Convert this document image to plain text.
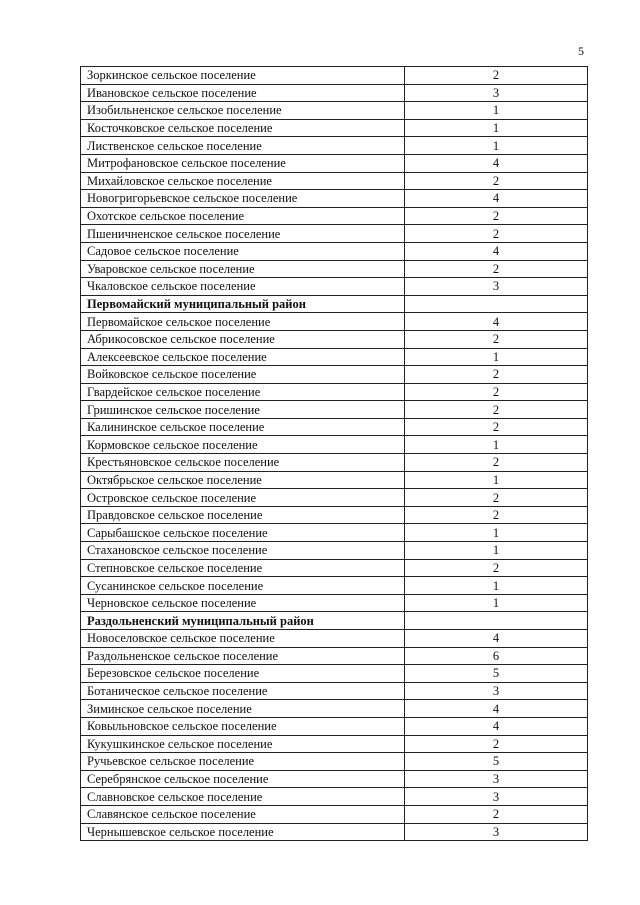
5
Зоркинское сельское поселение	2
Ивановское сельское поселение	3
Изобильненское сельское поселение	1
Косточковское сельское поселение	1
Лиственское сельское поселение	1
Митрофановское сельское поселение	4
Михайловское сельское поселение	2
Новогригорьевское сельское поселение	4
Охотское сельское поселение	2
Пшеничненское сельское поселение	2
Садовое сельское поселение	4
Уваровское сельское поселение	2
Чкаловское сельское поселение	3
Первомайский муниципальный район	
Первомайское сельское поселение	4
Абрикосовское сельское поселение	2
Алексеевское сельское поселение	1
Войковское сельское поселение	2
Гвардейское сельское поселение	2
Гришинское сельское поселение	2
Калининское сельское поселение	2
Кормовское сельское поселение	1
Крестьяновское сельское поселение	2
Октябрьское сельское поселение	1
Островское сельское поселение	2
Правдовское сельское поселение	2
Сарыбашское сельское поселение	1
Стахановское сельское поселение	1
Степновское сельское поселение	2
Сусанинское сельское поселение	1
Черновское сельское поселение	1
Раздольненский муниципальный район	
Новоселовское сельское поселение	4
Раздольненское сельское поселение	6
Березовское сельское поселение	5
Ботаническое сельское поселение	3
Зиминское сельское поселение	4
Ковыльновское сельское поселение	4
Кукушкинское сельское поселение	2
Ручьевское сельское поселение	5
Серебрянское сельское поселение	3
Славновское сельское поселение	3
Славянское сельское поселение	2
Чернышевское сельское поселение	3
